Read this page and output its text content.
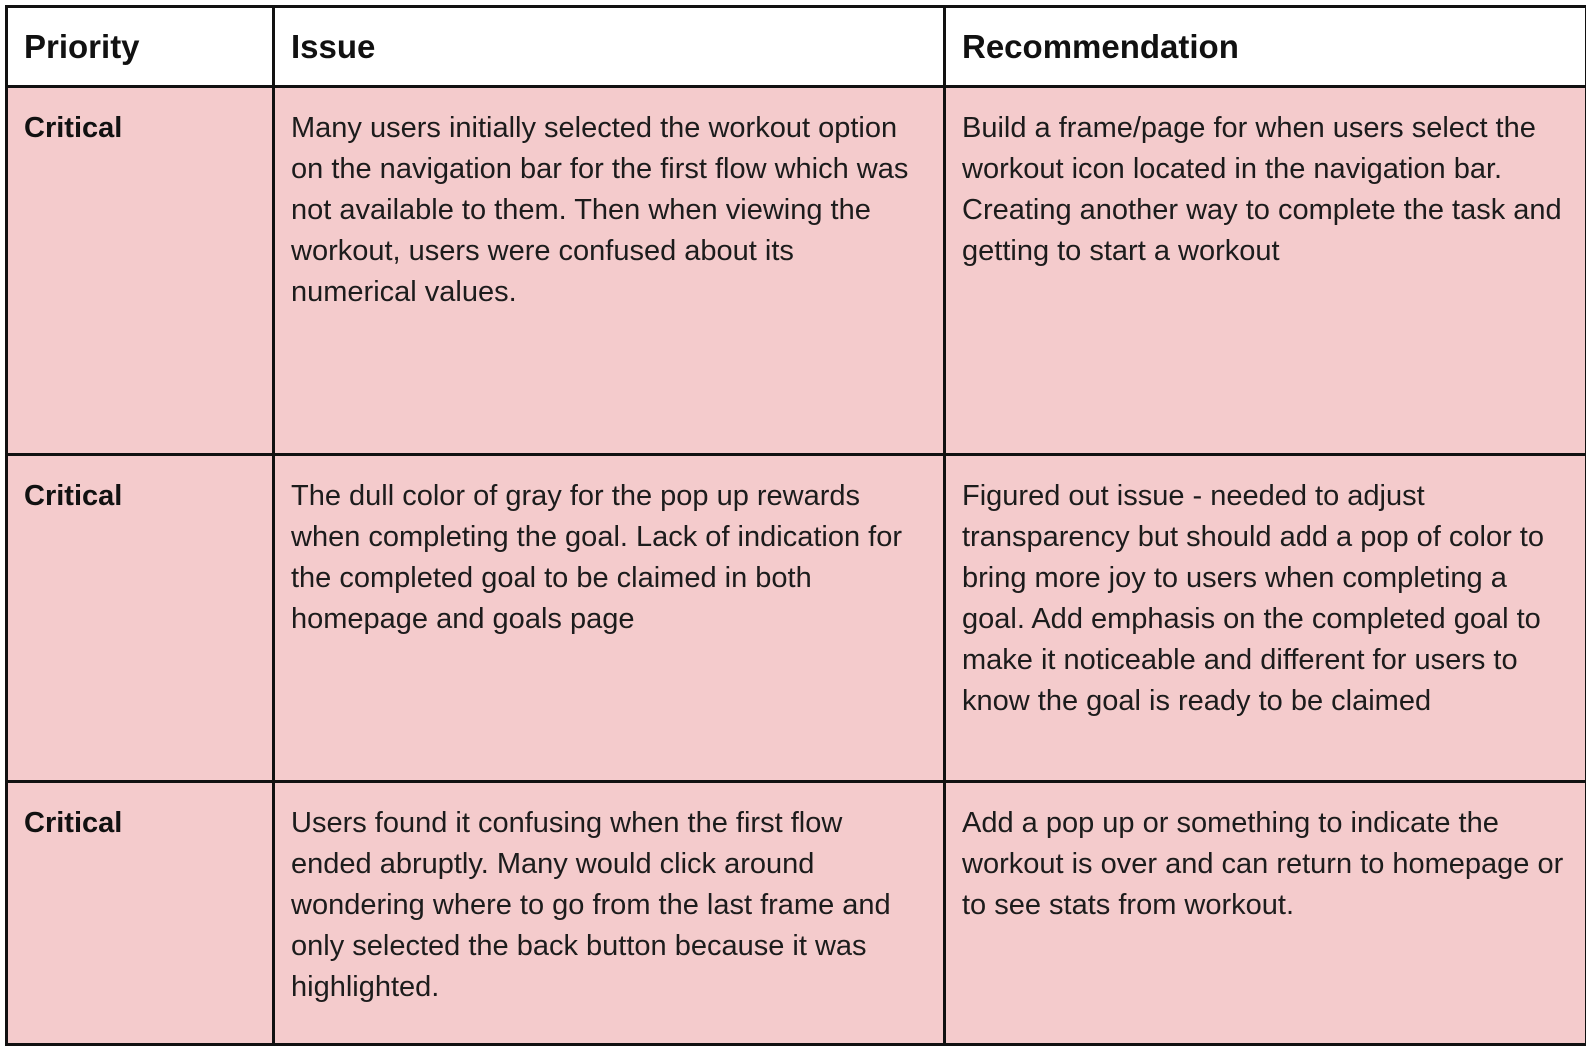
Priority	Issue	Recommendation

Critical	Many users initially selected the workout option on the navigation bar for the first flow which was not available to them. Then when viewing the workout, users were confused about its numerical values.	Build a frame/page for when users select the workout icon located in the navigation bar. Creating another way to complete the task and getting to start a workout

Critical	The dull color of gray for the pop up rewards when completing the goal. Lack of indication for the completed goal to be claimed in both homepage and goals page	Figured out issue - needed to adjust transparency but should add a pop of color to bring more joy to users when completing a goal. Add emphasis on the completed goal to make it noticeable and different for users to know the goal is ready to be claimed

Critical	Users found it confusing when the first flow ended abruptly. Many would click around wondering where to go from the last frame and only selected the back button because it was highlighted.	Add a pop up or something to indicate the workout is over and can return to homepage or to see stats from workout.
